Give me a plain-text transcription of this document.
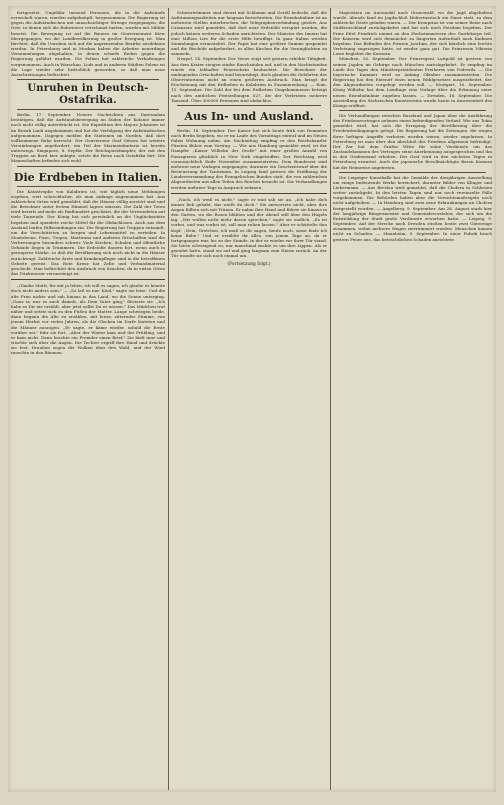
fortgesetzt. Ungefähr tausend Personen, die in die Aufstände verwickelt waren, wurden aufgeknüpft, hergenommen. Die Regierung ist gegen die Aufständischen mit unnachsichtiger Strenge vorgegangen, die Orte, in denen sich die Ruhestörer verschanzt hatten, wurden mit Militär besetzt. Die Bewegung ist auf die Bauern im Gouvernement Kiew übergegangen, wo die Landbevölkerung in großer Erregung ist. Man fürchtet, daß die Unruhen sich auf die angrenzenden Bezirke ausdehnen werden. In Petersburg und in Moskau haben die Arbeiter neuerdings Versammlungen abgehalten, in denen scharfe Reden gegen die Regierung geführt wurden. Die Polizei hat zahlreiche Verhaftungen vorgenommen. Auch in Warschau, Lodz und in anderen Städten Polens ist die Lage wieder sehr bedrohlich geworden, so daß man neue Ausschreitungen befürchtet.

Unruhen in Deutsch-Ostafrika.

Berlin, 17. September. Neuere Nachrichten aus Daressalam bestätigen, daß die Aufstandsbewegung im Süden der Kolonie immer noch nicht völlig unterdrückt ist. Die Expedition des Majors Johannes ist im Bezirk Lindi angekommen und hat die Verfolgung der Aufständischen aufgenommen. Dagegen melden die Stationen im Norden, daß dort vollkommene Ruhe herrscht. Der Gouverneur Graf Götzen hat weitere Verstärkungen angefordert; ein Teil der Marineinfanterie ist bereits unterwegs. Singapore, 8. Septbr. Der Reichspostdampfer, der mit den Truppen an Bord hier anlegte, setzte die Reise nach Ostafrika fort. Die Mannschaften befinden sich wohl.

Die Erdbeben in Italien.

Die Katastrophe von Kalabrien ist, wie täglich neue Meldungen ergeben, weit schrecklicher, als man anfangs angenommen hat. Aus zahlreichen Orten wird gemeldet, daß die Häuser völlig zerstört sind und die Bewohner unter freiem Himmel lagern müssen. Die Zahl der Toten wird bereits auf mehr als fünfhundert geschätzt, die der Verwundeten auf viele Tausende. Der König hat sich persönlich an die Unglücksstätte begeben und spendete reiche Mittel für die Obdachlosen. Auch aus dem Ausland laufen Hilfssendungen ein. Die Regierung hat Truppen entsandt, um die Verschütteten zu bergen und Lebensmittel zu verteilen. In Monteleone, Pizzo, Tropea, Martirano und anderen Ortschaften sind die Verheerungen besonders schwer. Viele Kirchen, Schulen und öffentliche Gebäude liegen in Trümmern. Die Erdstöße dauern fort, wenn auch in geringerer Stärke, so daß die Bevölkerung sich noch nicht in die Häuser zurückwagt. Zahlreiche Ärzte und Krankenpfleger sind in die betroffenen Gebiete gereist. Das Rote Kreuz hat Zelte und Verbandmaterial geschickt. Man befürchtet den Ausbruch von Seuchen, da in vielen Orten das Trinkwasser verunreinigt ist.

„Glaube Mutti, Ihr mit ja leben, ich will es sagen, ich glaube es könnte doch nicht anders sein." — „So laß es nur, Kind," sagte sie leise. Und die alte Frau nickte und sah hinaus in das Land, wo die Sonne unterging. „Ganz so war es auch damals, als Dein Vater ging," flüsterte sie. „Ich habe es Dir nie erzählt, aber jetzt sollst Du es wissen." Das Mädchen trat näher und setzte sich zu den Füßen der Mutter. Lange schwiegen beide, dann begann die Alte zu erzählen, mit leiser, zitternder Stimme, von jenem Herbst vor vielen Jahren, als die Glocken im Dorfe läuteten und die Männer auszogen. „Er sagte, er käme wieder, sobald die Ernte vorüber sei," fuhr sie fort. „Aber der Winter kam und der Frühling, und er kam nicht. Dann brachte ein Fremder einen Brief." Sie hielt inne und wischte sich über die Augen. Die Tochter ergriff ihre Hand und drückte sie fest. Draußen zogen die Wolken über den Wald, und der Wind rauschte in den Bäumen.

Schwertrümmer sind derart mit Schlamm und Geröll bedeckt, daß die Aufräumungsarbeiten nur langsam fortschreiten. Die Eisenbahnlinie ist an mehreren Stellen unterbrochen, die Telegraphenverbindung gestört. Aus Catanzaro wird gemeldet, daß dort neue Erdstöße verspürt wurden, die jedoch keinen weiteren Schaden anrichteten. Der Minister des Innern hat eine Million Lire für die erste Hilfe bewilligt. In ganz Italien werden Sammlungen veranstaltet. Der Papst hat eine größere Summe gespendet und die Bischöfe aufgefordert, in allen Kirchen für die Verunglückten zu sammeln.

Neapel, 14. September. Der Vesuv zeigt seit gestern erhöhte Tätigkeit. Aus dem Krater steigen starke Rauchsäulen auf, und in den Nachtstunden wurde ein lebhafter Feuerschein beobachtet. Die Bewohner der umliegenden Ortschaften sind beunruhigt, doch glauben die Gelehrten des Observatoriums nicht an einen größeren Ausbruch. Man bringt die Erscheinung mit den Erdbeben in Kalabrien in Zusammenhang. — Rom, 15. September. Die Zahl der bei dem Erdbeben Umgekommenen beträgt nach den amtlichen Feststellungen 527, die der Verletzten mehrere Tausend. Über 300000 Personen sind obdachlos.

Aus In- und Ausland.

Berlin, 18. September. Der Kaiser hat sich heute früh von Rominten nach Berlin begeben, wo er im Laufe des Vormittags eintraf und im Neuen Palais Wohnung nahm. Am Nachmittag empfing er den Reichskanzler Fürsten Bülow zum Vortrag. — Wie aus Hamburg gemeldet wird, ist der Dampfer „Kaiser Wilhelm der Große" mit einer großen Anzahl von Passagieren glücklich in New York eingetroffen. Der Reichstag wird voraussichtlich Ende November zusammentreten. Dem Bundesrat sind mehrere neue Vorlagen zugegangen, darunter ein Gesetzentwurf über die Besteuerung der Tantiemen. In Leipzig fand gestern die Eröffnung der Landesversammlung des Evangelischen Bundes statt, die von zahlreichen Abgeordneten aus allen Teilen des Reiches besucht ist. Die Verhandlungen werden mehrere Tage in Anspruch nehmen.

„Nach, ich weiß es nicht," sagte er und sah sie an. „Ich habe dich immer lieb gehabt, das weißt du doch." Sie antwortete nicht, aber ihre Augen füllten sich mit Tränen. Er nahm ihre Hand und führte sie hinaus in den Garten, wo die Rosen blühten und der Abend still über den Hügeln lag. „Wir wollen nicht mehr davon sprechen," sagte sie endlich. „Es ist vorbei, und was vorbei ist, soll man ruhen lassen." Aber er schüttelte den Kopf. „Nein, Gretchen, ich muß es dir sagen, heute noch, sonst finde ich keine Ruhe." Und er erzählte ihr alles, von jenem Tage an, da er fortgegangen war, bis zu der Stunde, in der er wieder vor ihrer Tür stand. Sie hörte schweigend zu, nur manchmal zuckte es um ihre Lippen. Als er geendet hatte, stand sie auf und ging langsam zum Hause zurück. An der Tür wandte sie sich noch einmal um.

(Fortsetzung folgt.)

Majestäten im Automobil nach Grunewald, wo die Jagd abgehalten wurde. Abends fand im Jagdschloß Hubertusstock ein Diner statt, zu dem zahlreiche Gäste geladen waren. — Der Kronprinz ist von seiner Reise nach Süddeutschland zurückgekehrt und hat sich nach Potsdam begeben. Der Prinz Eitel Friedrich nimmt an den Herbstmanövern des Gardekorps teil. Die Kaiserin wird sich demnächst zu längerem Aufenthalt nach Kadinen begeben. Das Befinden des Prinzen Joachim, der sich kürzlich eine leichte Verletzung zugezogen hatte, ist wieder ganz gut. Die Prinzessin Viktoria Luise begleitet die Kaiserin.

München, 16. September. Der Prinzregent Luitpold ist gestern von seinen Jagden im Gebirge nach München zurückgekehrt. Er empfing im Laufe des Tages den Ministerpräsidenten Freiherrn von Podewils. — Die bayerische Kammer wird zu Anfang Oktober zusammentreten. Die Regierung hat den Entwurf eines neuen Wahlgesetzes ausgearbeitet, der den Abgeordneten vorgelegt werden soll. — Stuttgart, 16. September. König Wilhelm hat dem Landtage eine Vorlage über die Erbauung einer neuen Eisenbahnlinie zugehen lassen. — Dresden, 16. September. Die Ausstellung des Sächsischen Kunstvereins wurde heute in Anwesenheit des Königs eröffnet.

Die Verhandlungen zwischen Russland und Japan über die Ausführung des Friedensvertrages nehmen einen befriedigenden Verlauf. Wie aus Tokio gemeldet wird, hat sich die Erregung der Bevölkerung über die Friedensbedingungen gelegt. Die Regierung hat die Zeitungen, die wegen ihrer heftigen Angriffe verboten worden waren, wieder zugelassen. In Petersburg ist man über den Abschluß des Friedens allgemein befriedigt. Der Zar hat dem Grafen Witte für seine Verdienste um das Zustandekommen des Vertrages seine Anerkennung ausgesprochen und ihn in den Grafenstand erhoben. Der Graf wird in den nächsten Tagen in Petersburg erwartet. Auch der japanische Bevollmächtigte Baron Komura hat die Heimreise angetreten.

Die Leipziger Kunsthalle hat die Gemälde der diesjährigen Ausstellung um einige bedeutende Werke bereichert, darunter Bilder von Klinger und Liebermann. — Aus Breslau wird gemeldet, daß die Cholera in Schlesien weiter zurückgeht. In den letzten Tagen sind nur noch vereinzelte Fälle vorgekommen. Die Behörden haben aber die Vorsichtsmaßregeln noch nicht aufgehoben. — In Hamburg sind zwei neue Erkrankungen an Cholera festgestellt worden. — Angelberg, 9. September. Am 28. August starb hier der langjährige Bürgermeister und Gemeindevorsteher, der sich um die Entwicklung der Stadt große Verdienste erworben hatte. — Leipzig, 9. September. Auf der Strecke nach Dresden stießen heute zwei Güterzüge zusammen, wobei mehrere Wagen zertrümmert wurden. Menschen kamen nicht zu Schaden. — Mannheim, 9. September. In einer Fabrik brach gestern Feuer aus, das beträchtlichen Schaden anrichtete.
